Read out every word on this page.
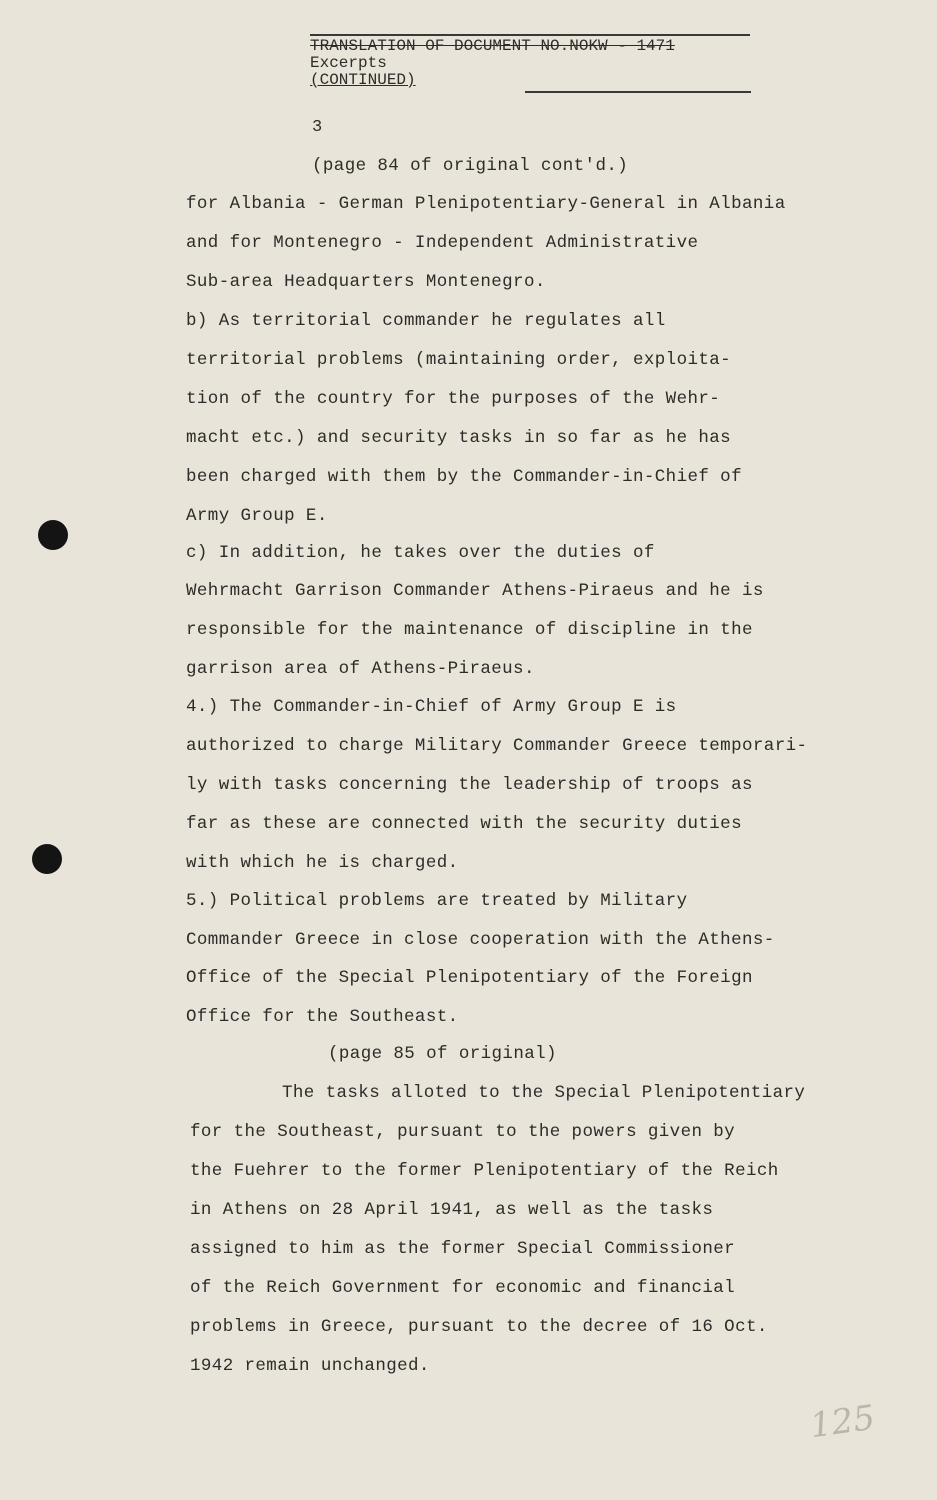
TRANSLATION OF DOCUMENT NO.NOKW - 1471
Excerpts
(CONTINUED)
3
(page 84 of original cont'd.)
for Albania - German Plenipotentiary-General in Albania
and for Montenegro - Independent Administrative
Sub-area Headquarters Montenegro.
b) As territorial commander he regulates all
territorial problems (maintaining order, exploita-
tion of the country for the purposes of the Wehr-
macht etc.) and security tasks in so far as he has
been charged with them by the Commander-in-Chief of
Army Group E.
c) In addition, he takes over the duties of
Wehrmacht Garrison Commander Athens-Piraeus and he is
responsible for the maintenance of discipline in the
garrison area of Athens-Piraeus.
4.) The Commander-in-Chief of Army Group E is
authorized to charge Military Commander Greece temporari-
ly with tasks concerning the leadership of troops as
far as these are connected with the security duties
with which he is charged.
5.) Political problems are treated by Military
Commander Greece in close cooperation with the Athens-
Office of the Special Plenipotentiary of the Foreign
Office for the Southeast.
(page 85 of original)
The tasks alloted to the Special Plenipotentiary
for the Southeast, pursuant to the powers given by
the Fuehrer to the former Plenipotentiary of the Reich
in Athens on 28 April 1941, as well as the tasks
assigned to him as the former Special Commissioner
of the Reich Government for economic and financial
problems in Greece, pursuant to the decree of 16 Oct.
1942 remain unchanged.
125
